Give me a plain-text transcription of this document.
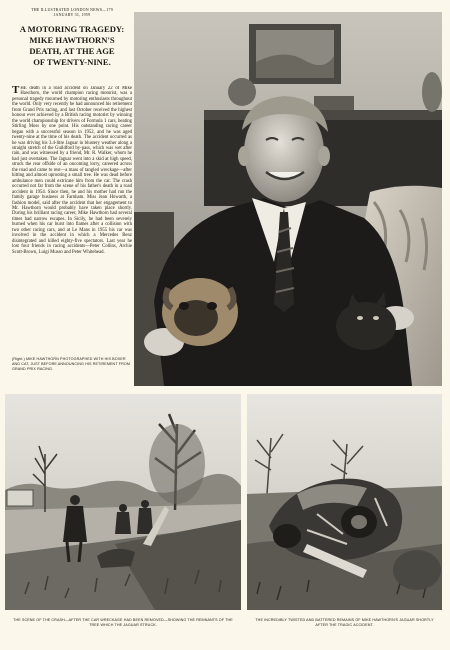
THE ILLUSTRATED LONDON NEWS—179
JANUARY 31, 1959
A MOTORING TRAGEDY:
MIKE HAWTHORN'S
DEATH, AT THE AGE
OF TWENTY-NINE.
THE death in a road accident on January 22 of Mike Hawthorn, the world champion racing motorist, was a personal tragedy mourned by motoring enthusiasts throughout the world. Only very recently he had announced his retirement from Grand Prix racing, and last October received the highest honour ever achieved by a British racing motorist by winning the world championship for drivers of Formula 1 cars, beating Stirling Moss by one point. His outstanding racing career began with a successful season in 1952, and he was aged twenty-nine at the time of his death. The accident occurred as he was driving his 3.4-litre Jaguar in blustery weather along a straight stretch of the Guildford by-pass, which was wet after rain, and was witnessed by a friend, Mr. R. Walker, whom he had just overtaken. The Jaguar went into a skid at high speed, struck the rear offside of an oncoming lorry, careered across the road and came to rest—a mass of tangled wreckage—after hitting and almost uprooting a small tree. He was dead before ambulance men could extricate him from the car. The crash occurred not far from the scene of his father's death in a road accident in 1954. Since then, he and his mother had run the family garage business at Farnham. Miss Jean Howarth, a fashion model, said after the accident that her engagement to Mr. Hawthorn would probably have taken place shortly. During his brilliant racing career, Mike Hawthorn had several times had narrow escapes. In Sicily, he had been severely burned when his car burst into flames after a collision with two other racing cars, and at Le Mans in 1955 his car was involved in the accident in which a Mercedes Benz disintegrated and killed eighty-five spectators. Last year he lost four friends in racing accidents—Peter Collins, Archie Scott-Brown, Luigi Musso and Peter Whitehead.
(Right.) MIKE HAWTHORN PHOTOGRAPHED WITH HIS BOXER AND CAT, JUST BEFORE ANNOUNCING HIS RETIREMENT FROM GRAND PRIX RACING.
THE SCENE OF THE CRASH—AFTER THE CAR WRECKAGE HAD BEEN REMOVED—SHOWING THE REMNANTS OF THE TREE WHICH THE JAGUAR STRUCK.
THE INCREDIBLY TWISTED AND BATTERED REMAINS OF MIKE HAWTHORN'S JAGUAR SHORTLY AFTER THE TRAGIC ACCIDENT.
